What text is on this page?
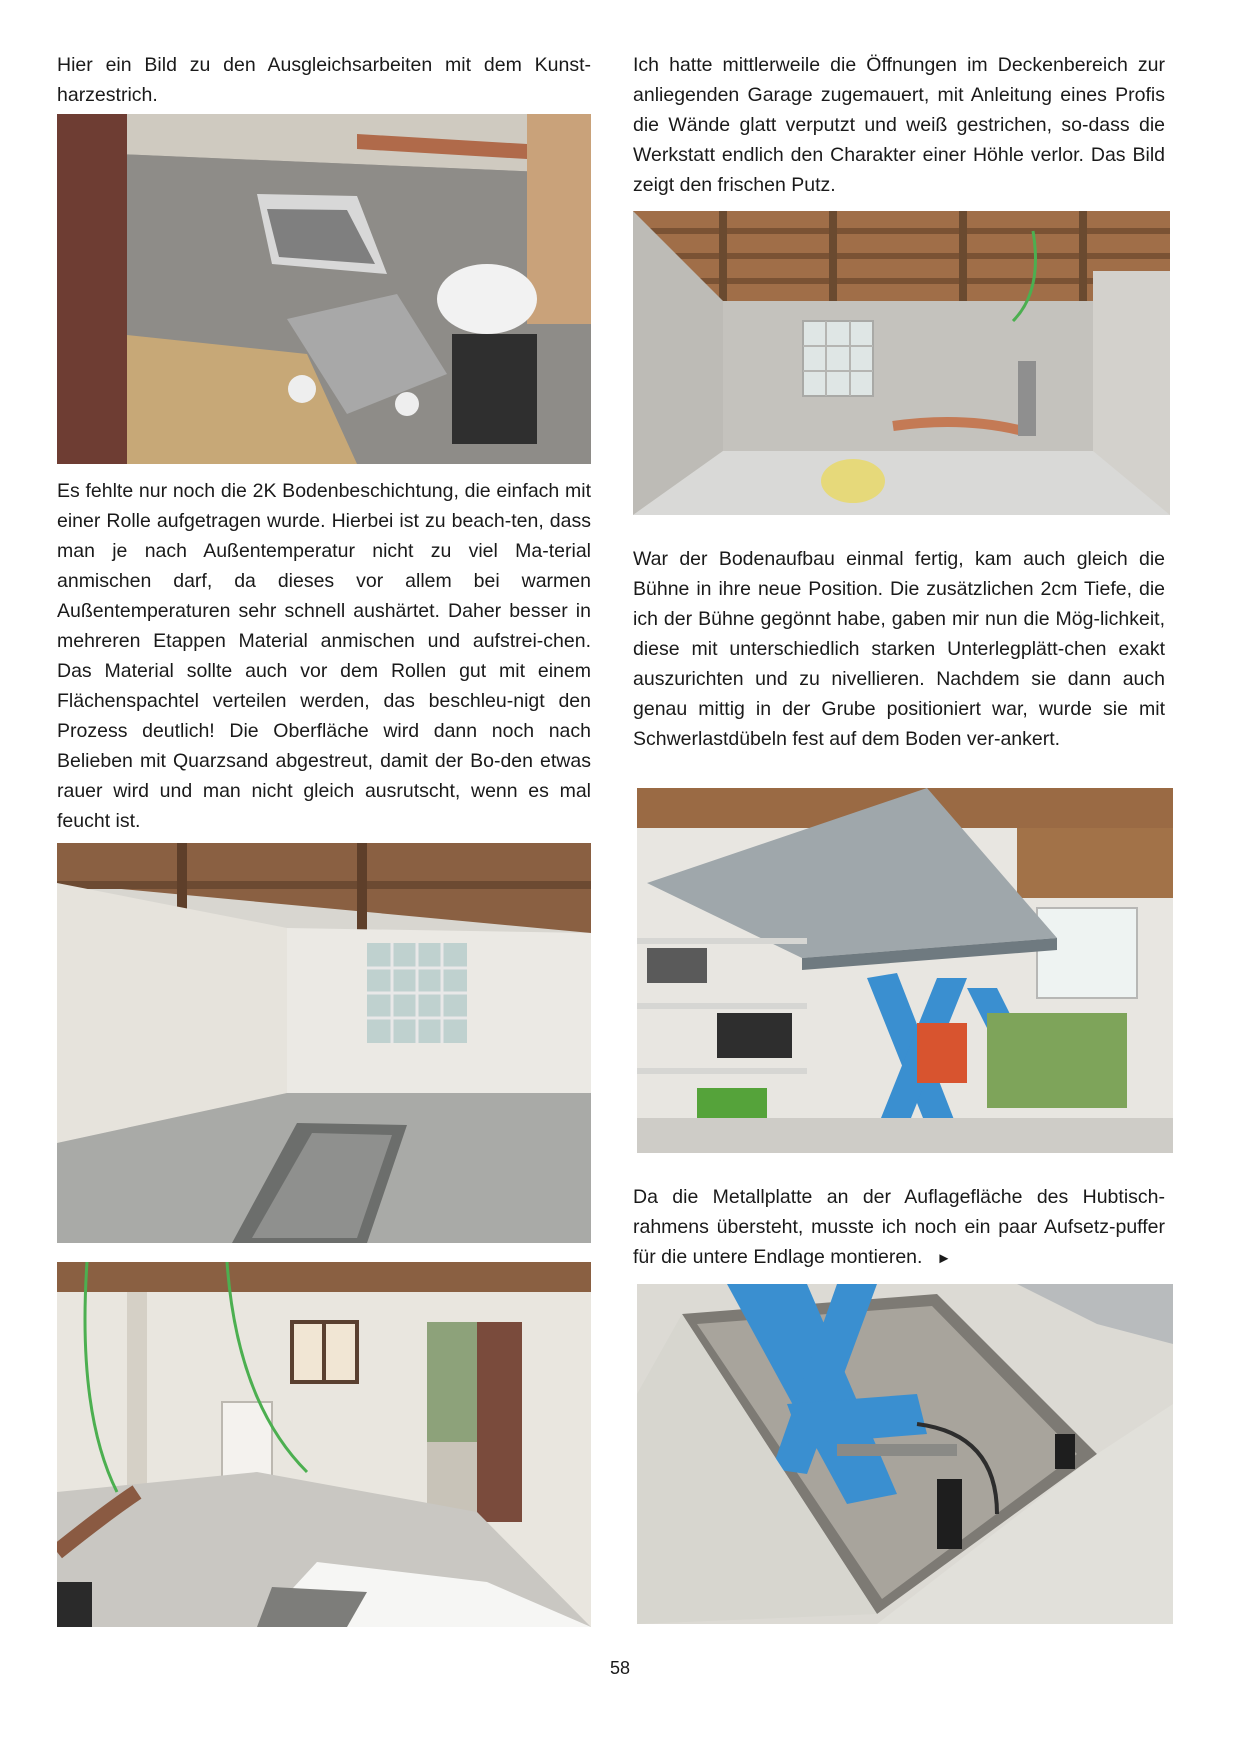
Hier ein Bild zu den Ausgleichsarbeiten mit dem Kunst-harzestrich.

Es fehlte nur noch die 2K Bodenbeschichtung, die einfach mit einer Rolle aufgetragen wurde. Hierbei ist zu beach-ten, dass man je nach Außentemperatur nicht zu viel Ma-terial anmischen darf, da dieses vor allem bei warmen Außentemperaturen sehr schnell aushärtet. Daher besser in mehreren Etappen Material anmischen und aufstrei-chen. Das Material sollte auch vor dem Rollen gut mit einem Flächenspachtel verteilen werden, das beschleu-nigt den Prozess deutlich! Die Oberfläche wird dann noch nach Belieben mit Quarzsand abgestreut, damit der Bo-den etwas rauer wird und man nicht gleich ausrutscht, wenn es mal feucht ist.

Ich hatte mittlerweile die Öffnungen im Deckenbereich zur anliegenden Garage zugemauert, mit Anleitung eines Profis die Wände glatt verputzt und weiß gestrichen, so-dass die Werkstatt endlich den Charakter einer Höhle verlor. Das Bild zeigt den frischen Putz.

War der Bodenaufbau einmal fertig, kam auch gleich die Bühne in ihre neue Position. Die zusätzlichen 2cm Tiefe, die ich der Bühne gegönnt habe, gaben mir nun die Mög-lichkeit, diese mit unterschiedlich starken Unterlegplätt-chen exakt auszurichten und zu nivellieren. Nachdem sie dann auch genau mittig in der Grube positioniert war, wurde sie mit Schwerlastdübeln fest auf dem Boden ver-ankert.

Da die Metallplatte an der Auflagefläche des Hubtisch-rahmens übersteht, musste ich noch ein paar Aufsetz-puffer für die untere Endlage montieren. ►

58
